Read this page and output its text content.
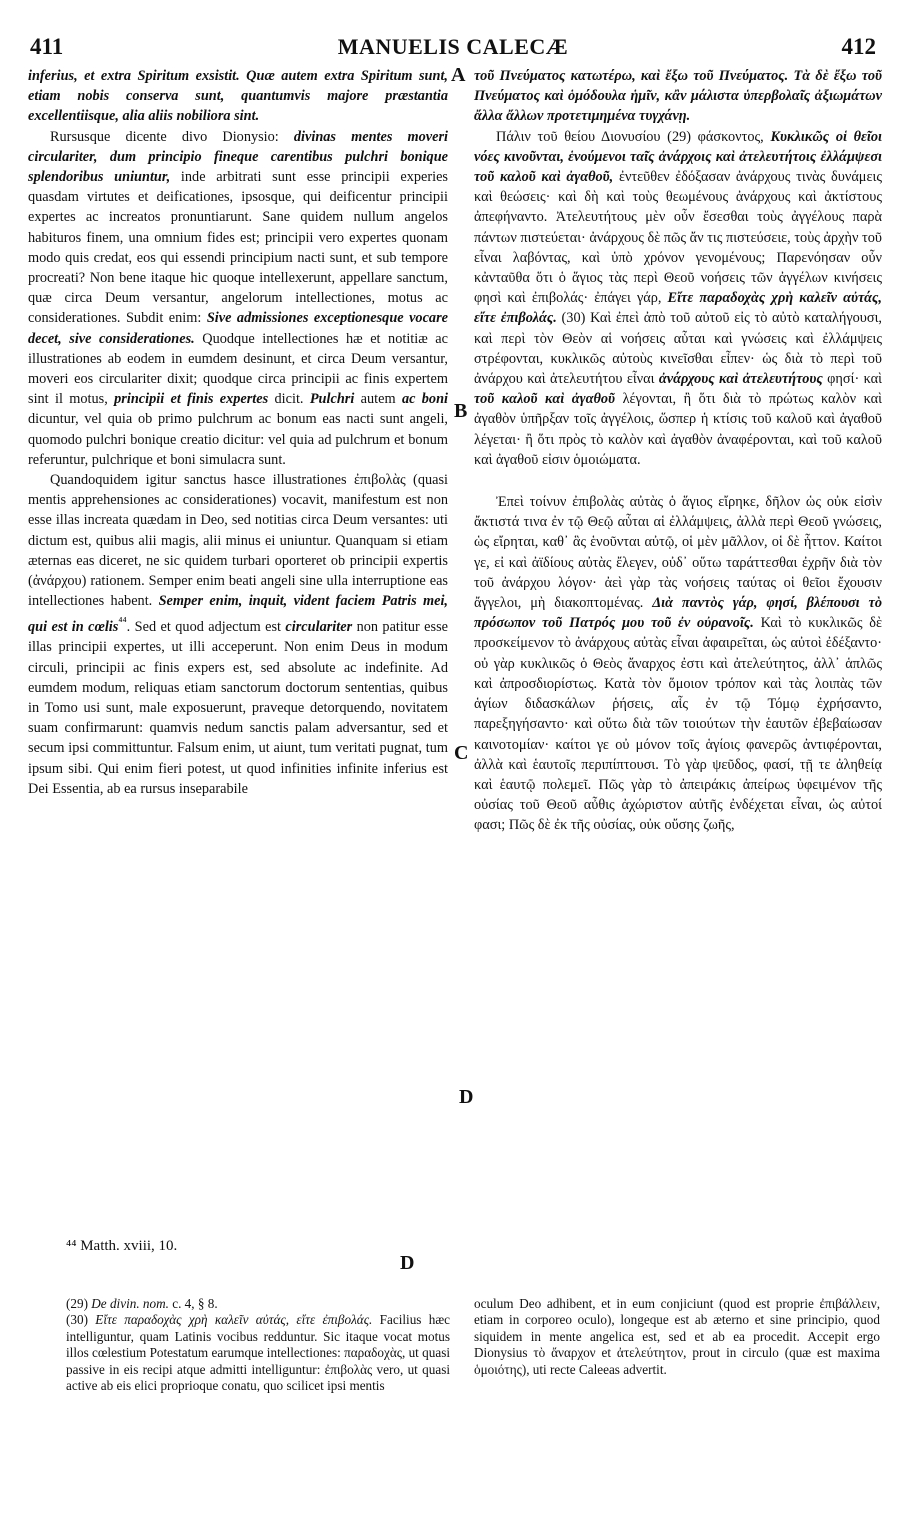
411	MANUELIS CALECÆ	412
A
B
C
D

inferius, et extra Spiritum exsistit. Quæ autem extra Spiritum sunt, etiam nobis conserva sunt, quantumvis majore præstantia excellentiisque, alia aliis nobiliora sint.

Rursusque dicente divo Dionysio: divinas mentes moveri circulariter, dum principio fineque carentibus pulchri bonique splendoribus uniuntur, inde arbitrati sunt esse principii experies quasdam virtutes et deificationes, ipsosque, qui deificentur principii expertes ac increatos pronuntiarunt. Sane quidem nullum angelos habituros finem, una omnium fides est; principii vero expertes quonam modo quis credat, eos qui essendi principium nacti sunt, et sub tempore procreati? Non bene itaque hic quoque intellexerunt, appellare sanctum, quæ circa Deum versantur, angelorum intellectiones, motus ac considerationes. Subdit enim: Sive admissiones exceptionesque vocare decet, sive considerationes. Quodque intellectiones hæ et notitiæ ac illustrationes ab eodem in eumdem desinunt, et circa Deum versantur, moveri eos circulariter dixit; quodque circa principii ac finis expertem sint il motus, principii et finis expertes dicit. Pulchri autem ac boni dicuntur, vel quia ob primo pulchrum ac bonum eas nacti sunt angeli, quomodo pulchri bonique creatio dicitur: vel quia ad pulchrum et bonum referuntur, pulchrique et boni simulacra sunt.

Quandoquidem igitur sanctus hasce illustrationes ἐπιβολὰς (quasi mentis apprehensiones ac considerationes) vocavit, manifestum est non esse illas increata quædam in Deo, sed notitias circa Deum versantes: uti dictum est, quibus alii magis, alii minus ei uniuntur. Quanquam si etiam æternas eas diceret, ne sic quidem turbari oporteret ob principii expertis (ἀνάρχου) rationem. Semper enim beati angeli sine ulla interruptione eas intellectiones habent. Semper enim, inquit, vident faciem Patris mei, qui est in cœlis$^{^{44}}$. Sed et quod adjectum est circulariter non patitur esse illas principii expertes, ut illi acceperunt. Non enim Deus in modum circuli, principii ac finis expers est, sed absolute ac indefinite. Ad eumdem modum, reliquas etiam sanctorum doctorum sententias, quibus in Tomo usi sunt, male exposuerunt, praveque detorquendo, novitatem suam confirmarunt: quamvis nedum sanctis palam adversantur, sed et secum ipsi committuntur. Falsum enim, ut aiunt, tum veritati pugnat, tum ipsum sibi. Qui enim fieri potest, ut quod infinities infinite inferius est Dei Essentia, ab ea rursus inseparabile

τοῦ Πνεύματος κατωτέρω, καὶ ἔξω τοῦ Πνεύματος. Τὰ δὲ ἔξω τοῦ Πνεύματος καὶ ὁμόδουλα ἡμῖν, κἂν μάλιστα ὑπερβολαῖς ἀξιωμάτων ἄλλα ἄλλων προτετιμημένα τυγχάνῃ.

Πάλιν τοῦ θείου Διονυσίου (29) φάσκοντος, Κυκλικῶς οἱ θεῖοι νόες κινοῦνται, ἑνούμενοι ταῖς ἀνάρχοις καὶ ἀτελευτήτοις ἐλλάμψεσι τοῦ καλοῦ καὶ ἀγαθοῦ, ἐντεῦθεν ἐδόξασαν ἀνάρχους τινὰς δυνάμεις καὶ θεώσεις· καὶ δὴ καὶ τοὺς θεωμένους ἀνάρχους καὶ ἀκτίστους ἀπεφήναντο. Ἀτελευτήτους μὲν οὖν ἔσεσθαι τοὺς ἀγγέλους παρὰ πάντων πιστεύεται· ἀνάρχους δὲ πῶς ἄν τις πιστεύσειε, τοὺς ἀρχὴν τοῦ εἶναι λαβόντας, καὶ ὑπὸ χρόνον γενομένους; Παρενόησαν οὖν κἀνταῦθα ὅτι ὁ ἅγιος τὰς περὶ Θεοῦ νοήσεις τῶν ἀγγέλων κινήσεις φησὶ καὶ ἐπιβολάς· ἐπάγει γάρ, Εἴτε παραδοχὰς χρὴ καλεῖν αὐτάς, εἴτε ἐπιβολάς. (30) Καὶ ἐπεὶ ἀπὸ τοῦ αὐτοῦ εἰς τὸ αὐτὸ καταλήγουσι, καὶ περὶ τὸν Θεὸν αἱ νοήσεις αὗται καὶ γνώσεις καὶ ἐλλάμψεις στρέφονται, κυκλικῶς αὐτοὺς κινεῖσθαι εἶπεν· ὡς διὰ τὸ περὶ τοῦ ἀνάρχου καὶ ἀτελευτήτου εἶναι ἀνάρχους καὶ ἀτελευτήτους φησί· καὶ τοῦ καλοῦ καὶ ἀγαθοῦ λέγονται, ἢ ὅτι διὰ τὸ πρώτως καλὸν καὶ ἀγαθὸν ὑπῆρξαν τοῖς ἀγγέλοις, ὥσπερ ἡ κτίσις τοῦ καλοῦ καὶ ἀγαθοῦ λέγεται· ἢ ὅτι πρὸς τὸ καλὸν καὶ ἀγαθὸν ἀναφέρονται, καὶ τοῦ καλοῦ καὶ ἀγαθοῦ εἰσιν ὁμοιώματα.

Ἐπεὶ τοίνυν ἐπιβολὰς αὐτὰς ὁ ἅγιος εἴρηκε, δῆλον ὡς οὐκ εἰσὶν ἄκτιστά τινα ἐν τῷ Θεῷ αὗται αἱ ἐλλάμψεις, ἀλλὰ περὶ Θεοῦ γνώσεις, ὡς εἴρηται, καθ᾽ ἃς ἑνοῦνται αὐτῷ, οἱ μὲν μᾶλλον, οἱ δὲ ἧττον. Καίτοι γε, εἰ καὶ ἀϊδίους αὐτὰς ἔλεγεν, οὐδ᾽ οὕτω ταράττεσθαι ἐχρῆν διὰ τὸν τοῦ ἀνάρχου λόγον· ἀεὶ γὰρ τὰς νοήσεις ταύτας οἱ θεῖοι ἔχουσιν ἄγγελοι, μὴ διακοπτομένας. Διὰ παντὸς γάρ, φησί, βλέπουσι τὸ πρόσωπον τοῦ Πατρός μου τοῦ ἐν οὐρανοῖς. Καὶ τὸ κυκλικῶς δὲ προσκείμενον τὸ ἀνάρχους αὐτὰς εἶναι ἀφαιρεῖται, ὡς αὐτοὶ ἐδέξαντο· οὐ γὰρ κυκλικῶς ὁ Θεὸς ἄναρχος ἐστι καὶ ἀτελεύτητος, ἀλλ᾽ ἁπλῶς καὶ ἀπροσδιορίστως. Κατὰ τὸν ὅμοιον τρόπον καὶ τὰς λοιπὰς τῶν ἁγίων διδασκάλων ῥήσεις, αἷς ἐν τῷ Τόμῳ ἐχρήσαντο, παρεξηγήσαντο· καὶ οὕτω διὰ τῶν τοιούτων τὴν ἑαυτῶν ἐβεβαίωσαν καινοτομίαν· καίτοι γε οὐ μόνον τοῖς ἁγίοις φανερῶς ἀντιφέρονται, ἀλλὰ καὶ ἑαυτοῖς περιπίπτουσι. Τὸ γὰρ ψεῦδος, φασί, τῇ τε ἀληθείᾳ καὶ ἑαυτῷ πολεμεῖ. Πῶς γὰρ τὸ ἀπειράκις ἀπείρως ὑφειμένον τῆς οὐσίας τοῦ Θεοῦ αὖθις ἀχώριστον αὐτῆς ἐνδέχεται εἶναι, ὡς αὐτοί φασι; Πῶς δὲ ἐκ τῆς οὐσίας, οὐκ οὔσης ζωῆς,

⁴⁴ Matth. xviii, 10.
D

(29) De divin. nom. c. 4, § 8.

(30) Εἴτε παραδοχὰς χρὴ καλεῖν αὐτάς, εἴτε ἐπιβολάς. Facilius hæc intelliguntur, quam Latinis vocibus redduntur. Sic itaque vocat motus illos cœlestium Potestatum earumque intellectiones: παραδοχὰς, ut quasi passive in eis recipi atque admitti intelliguntur: ἐπιβολὰς vero, ut quasi active ab eis elici proprioque conatu, quo scilicet ipsi mentis

oculum Deo adhibent, et in eum conjiciunt (quod est proprie ἐπιβάλλειν, etiam in corporeo oculo), longeque est ab æterno et sine principio, quod siquidem in mente angelica est, sed et ab ea procedit. Accepit ergo Dionysius τὸ ἄναρχον et ἀτελεύτητον, prout in circulo (quæ est maxima ὁμοιότης), uti recte Caleeas advertit.
